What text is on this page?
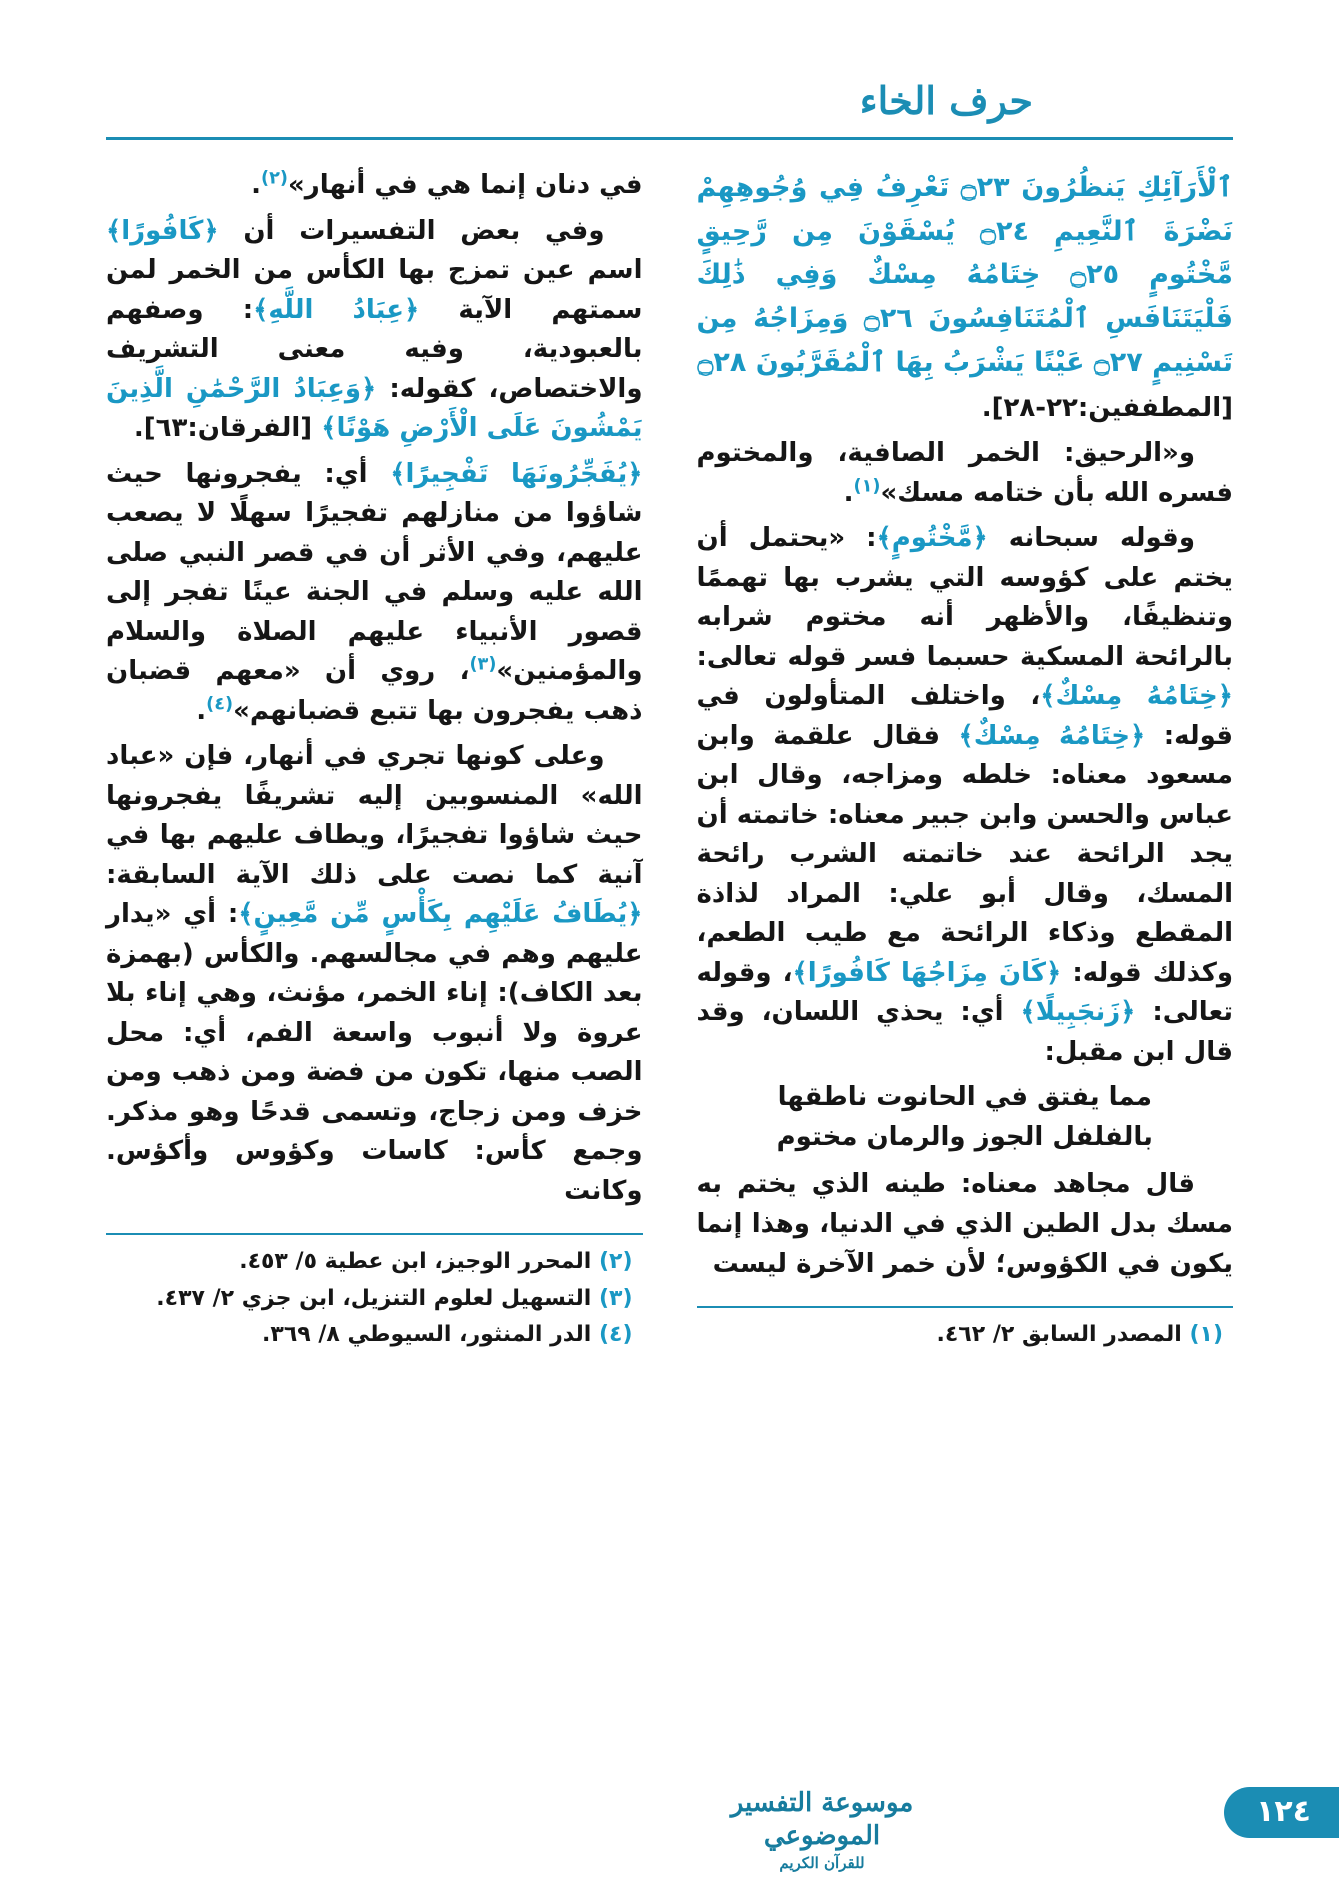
حرف الخاء
ٱلْأَرَآئِكِ يَنظُرُونَ ۝٢٣ تَعْرِفُ فِي وُجُوهِهِمْ نَضْرَةَ ٱلنَّعِيمِ ۝٢٤ يُسْقَوْنَ مِن رَّحِيقٍ مَّخْتُومٍ ۝٢٥ خِتَامُهُ مِسْكٌ وَفِي ذَٰلِكَ فَلْيَتَنَافَسِ ٱلْمُتَنَافِسُونَ ۝٢٦ وَمِزَاجُهُ مِن تَسْنِيمٍ ۝٢٧ عَيْنًا يَشْرَبُ بِهَا ٱلْمُقَرَّبُونَ ۝٢٨

[المطففين:٢٢-٢٨].

و«الرحيق: الخمر الصافية، والمختوم فسره الله بأن ختامه مسك»$^{(١)}$.

وقوله سبحانه ﴿مَّخْتُومٍ﴾: «يحتمل أن يختم على كؤوسه التي يشرب بها تهممًا وتنظيفًا، والأظهر أنه مختوم شرابه بالرائحة المسكية حسبما فسر قوله تعالى: ﴿خِتَامُهُ مِسْكٌ﴾، واختلف المتأولون في قوله: ﴿خِتَامُهُ مِسْكٌ﴾ فقال علقمة وابن مسعود معناه: خلطه ومزاجه، وقال ابن عباس والحسن وابن جبير معناه: خاتمته أن يجد الرائحة عند خاتمته الشرب رائحة المسك، وقال أبو علي: المراد لذاذة المقطع وذكاء الرائحة مع طيب الطعم، وكذلك قوله: ﴿كَانَ مِزَاجُهَا كَافُورًا﴾، وقوله تعالى: ﴿زَنجَبِيلًا﴾ أي: يحذي اللسان، وقد قال ابن مقبل:

مما يفتق في الحانوت ناطقها
بالفلفل الجوز والرمان مختوم

قال مجاهد معناه: طينه الذي يختم به مسك بدل الطين الذي في الدنيا، وهذا إنما يكون في الكؤوس؛ لأن خمر الآخرة ليست

(١) المصدر السابق ٢/ ٤٦٢.

في دنان إنما هي في أنهار»$^{(٢)}$.

وفي بعض التفسيرات أن ﴿كَافُورًا﴾ اسم عين تمزج بها الكأس من الخمر لمن سمتهم الآية ﴿عِبَادُ اللَّهِ﴾: وصفهم بالعبودية، وفيه معنى التشريف والاختصاص، كقوله: ﴿وَعِبَادُ الرَّحْمَٰنِ الَّذِينَ يَمْشُونَ عَلَى الْأَرْضِ هَوْنًا﴾ [الفرقان:٦٣].

﴿يُفَجِّرُونَهَا تَفْجِيرًا﴾ أي: يفجرونها حيث شاؤوا من منازلهم تفجيرًا سهلًا لا يصعب عليهم، وفي الأثر أن في قصر النبي صلى الله عليه وسلم في الجنة عينًا تفجر إلى قصور الأنبياء عليهم الصلاة والسلام والمؤمنين»$^{(٣)}$، روي أن «معهم قضبان ذهب يفجرون بها تتبع قضبانهم»$^{(٤)}$.

وعلى كونها تجري في أنهار، فإن «عباد الله» المنسوبين إليه تشريفًا يفجرونها حيث شاؤوا تفجيرًا، ويطاف عليهم بها في آنية كما نصت على ذلك الآية السابقة: ﴿يُطَافُ عَلَيْهِم بِكَأْسٍ مِّن مَّعِينٍ﴾: أي «يدار عليهم وهم في مجالسهم. والكأس (بهمزة بعد الكاف): إناء الخمر، مؤنث، وهي إناء بلا عروة ولا أنبوب واسعة الفم، أي: محل الصب منها، تكون من فضة ومن ذهب ومن خزف ومن زجاج، وتسمى قدحًا وهو مذكر. وجمع كأس: كاسات وكؤوس وأكؤس. وكانت

(٢) المحرر الوجيز، ابن عطية ٥/ ٤٥٣.
(٣) التسهيل لعلوم التنزيل، ابن جزي ٢/ ٤٣٧.
(٤) الدر المنثور، السيوطي ٨/ ٣٦٩.
موسوعة التفسير الموضوعي
للقرآن الكريم
١٢٤
